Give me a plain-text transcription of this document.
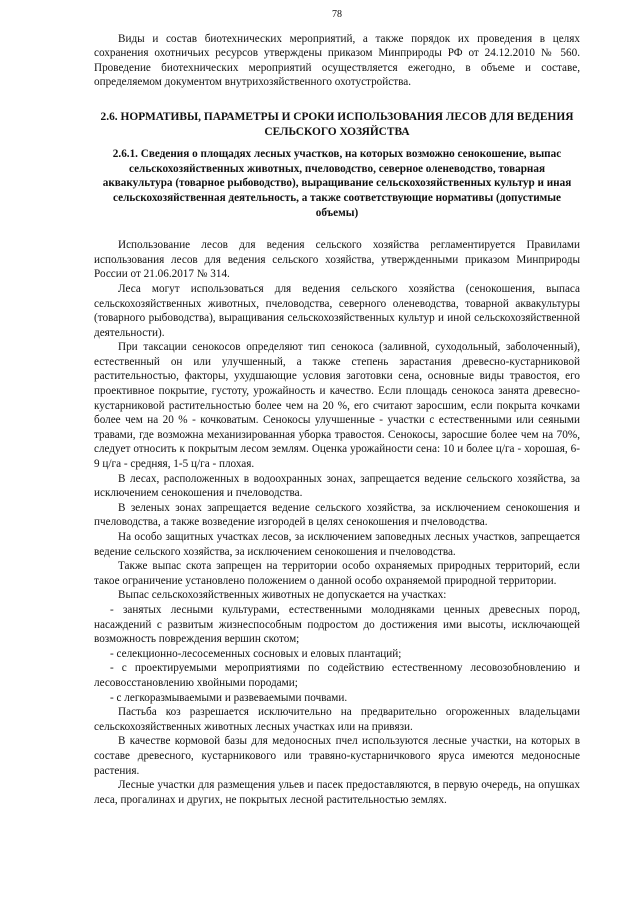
78

Виды и состав биотехнических мероприятий, а также порядок их проведения в целях сохранения охотничьих ресурсов утверждены приказом Минприроды РФ от 24.12.2010 № 560. Проведение биотехнических мероприятий осуществляется ежегодно, в объеме и составе, определяемом документом внутрихозяйственного охотустройства.

2.6. НОРМАТИВЫ, ПАРАМЕТРЫ И СРОКИ ИСПОЛЬЗОВАНИЯ ЛЕСОВ ДЛЯ ВЕДЕНИЯ СЕЛЬСКОГО ХОЗЯЙСТВА
2.6.1. Сведения о площадях лесных участков, на которых возможно сенокошение, выпас сельскохозяйственных животных, пчеловодство, северное оленеводство, товарная аквакультура (товарное рыбоводство), выращивание сельскохозяйственных культур и иная сельскохозяйственная деятельность, а также соответствующие нормативы (допустимые объемы)

Использование лесов для ведения сельского хозяйства регламентируется Правилами использования лесов для ведения сельского хозяйства, утвержденными приказом Минприроды России от 21.06.2017 № 314.

Леса могут использоваться для ведения сельского хозяйства (сенокошения, выпаса сельскохозяйственных животных, пчеловодства, северного оленеводства, товарной аквакультуры (товарного рыбоводства), выращивания сельскохозяйственных культур и иной сельскохозяйственной деятельности).

При таксации сенокосов определяют тип сенокоса (заливной, суходольный, заболоченный), естественный он или улучшенный, а также степень зарастания древесно-кустарниковой растительностью, факторы, ухудшающие условия заготовки сена, основные виды травостоя, его проективное покрытие, густоту, урожайность и качество. Если площадь сенокоса занята древесно-кустарниковой растительностью более чем на 20 %, его считают заросшим, если покрыта кочками более чем на 20 % - кочковатым. Сенокосы улучшенные - участки с естественными или сеяными травами, где возможна механизированная уборка травостоя. Сенокосы, заросшие более чем на 70%, следует относить к покрытым лесом землям. Оценка урожайности сена: 10 и более ц/га - хорошая, 6-9 ц/га - средняя, 1-5 ц/га - плохая.

В лесах, расположенных в водоохранных зонах, запрещается ведение сельского хозяйства, за исключением сенокошения и пчеловодства.

В зеленых зонах запрещается ведение сельского хозяйства, за исключением сенокошения и пчеловодства, а также возведение изгородей в целях сенокошения и пчеловодства.

На особо защитных участках лесов, за исключением заповедных лесных участков, запрещается ведение сельского хозяйства, за исключением сенокошения и пчеловодства.

Также выпас скота запрещен на территории особо охраняемых природных территорий, если такое ограничение установлено положением о данной особо охраняемой природной территории.

Выпас сельскохозяйственных животных не допускается на участках:

- занятых лесными культурами, естественными молодняками ценных древесных пород, насаждений с развитым жизнеспособным подростом до достижения ими высоты, исключающей возможность повреждения вершин скотом;

- селекционно-лесосеменных сосновых и еловых плантаций;

- с проектируемыми мероприятиями по содействию естественному лесовозобновлению и лесовосстановлению хвойными породами;

- с легкоразмываемыми и развеваемыми почвами.

Пастьба коз разрешается исключительно на предварительно огороженных владельцами сельскохозяйственных животных лесных участках или на привязи.

В качестве кормовой базы для медоносных пчел используются лесные участки, на которых в составе древесного, кустарникового или травяно-кустарничкового яруса имеются медоносные растения.

Лесные участки для размещения ульев и пасек предоставляются, в первую очередь, на опушках леса, прогалинах и других, не покрытых лесной растительностью землях.
